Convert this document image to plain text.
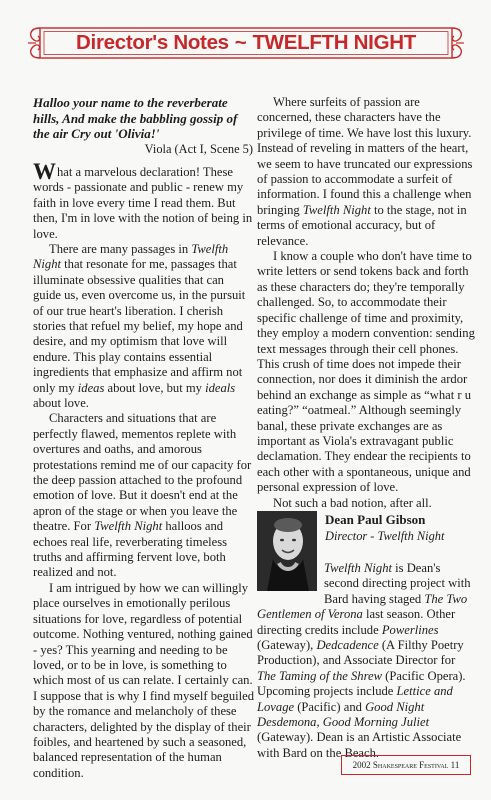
Director's Notes ~ TWELFTH NIGHT

Halloo your name to the reverberate hills, And make the babbling gossip of the air Cry out 'Olivia!'

Viola (Act I, Scene 5)

What a marvelous declaration! These words - passionate and public - renew my faith in love every time I read them. But then, I'm in love with the notion of being in love.

There are many passages in Twelfth Night that resonate for me, passages that illuminate obsessive qualities that can guide us, even overcome us, in the pursuit of our true heart's liberation. I cherish stories that refuel my belief, my hope and desire, and my optimism that love will endure. This play contains essential ingredients that emphasize and affirm not only my ideas about love, but my ideals about love.

Characters and situations that are perfectly flawed, mementos replete with overtures and oaths, and amorous protestations remind me of our capacity for the deep passion attached to the profound emotion of love. But it doesn't end at the apron of the stage or when you leave the theatre. For Twelfth Night halloos and echoes real life, reverberating timeless truths and affirming fervent love, both realized and not.

I am intrigued by how we can willingly place ourselves in emotionally perilous situations for love, regardless of potential outcome. Nothing ventured, nothing gained - yes? This yearning and needing to be loved, or to be in love, is something to which most of us can relate. I certainly can. I suppose that is why I find myself beguiled by the romance and melancholy of these characters, delighted by the display of their foibles, and heartened by such a seasoned, balanced representation of the human condition.

Where surfeits of passion are concerned, these characters have the privilege of time. We have lost this luxury. Instead of reveling in matters of the heart, we seem to have truncated our expressions of passion to accommodate a surfeit of information. I found this a challenge when bringing Twelfth Night to the stage, not in terms of emotional accuracy, but of relevance.

I know a couple who don't have time to write letters or send tokens back and forth as these characters do; they're temporally challenged. So, to accommodate their specific challenge of time and proximity, they employ a modern convention: sending text messages through their cell phones. This crush of time does not impede their connection, nor does it diminish the ardor behind an exchange as simple as “what r u eating?” “oatmeal.” Although seemingly banal, these private exchanges are as important as Viola's extravagant public declamation. They endear the recipients to each other with a spontaneous, unique and personal expression of love.

Not such a bad notion, after all.

Dean Paul Gibson
Director - Twelfth Night

Twelfth Night is Dean's second directing project with Bard having staged The Two Gentlemen of Verona last season. Other directing credits include Powerlines (Gateway), Dedcadence (A Filthy Poetry Production), and Associate Director for The Taming of the Shrew (Pacific Opera). Upcoming projects include Lettice and Lovage (Pacific) and Good Night Desdemona, Good Morning Juliet (Gateway). Dean is an Artistic Associate with Bard on the Beach.

2002 Shakespeare Festival 11
